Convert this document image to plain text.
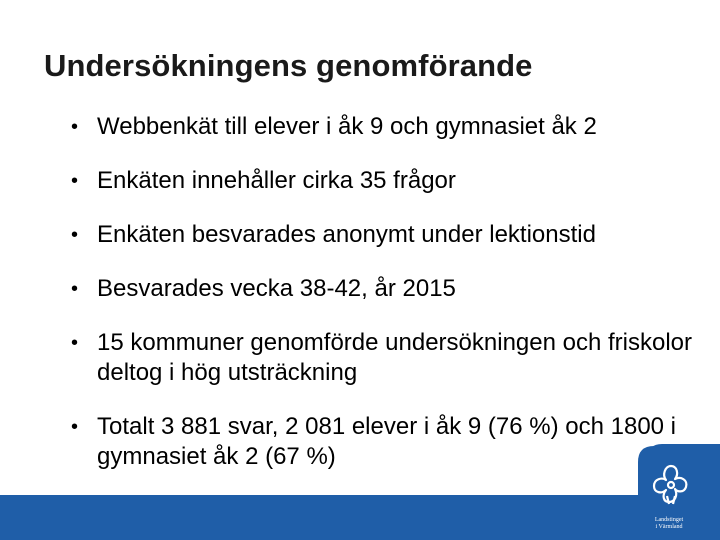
Undersökningens genomförande
• Webbenkät till elever i åk 9 och gymnasiet åk 2
• Enkäten innehåller cirka 35 frågor
• Enkäten besvarades anonymt under lektionstid
• Besvarades vecka 38-42, år 2015
• 15 kommuner genomförde undersökningen och friskolor deltog i hög utsträckning
• Totalt 3 881 svar, 2 081 elever i åk 9 (76 %) och 1800 i gymnasiet åk 2 (67 %)
Landstinget
i Värmland
